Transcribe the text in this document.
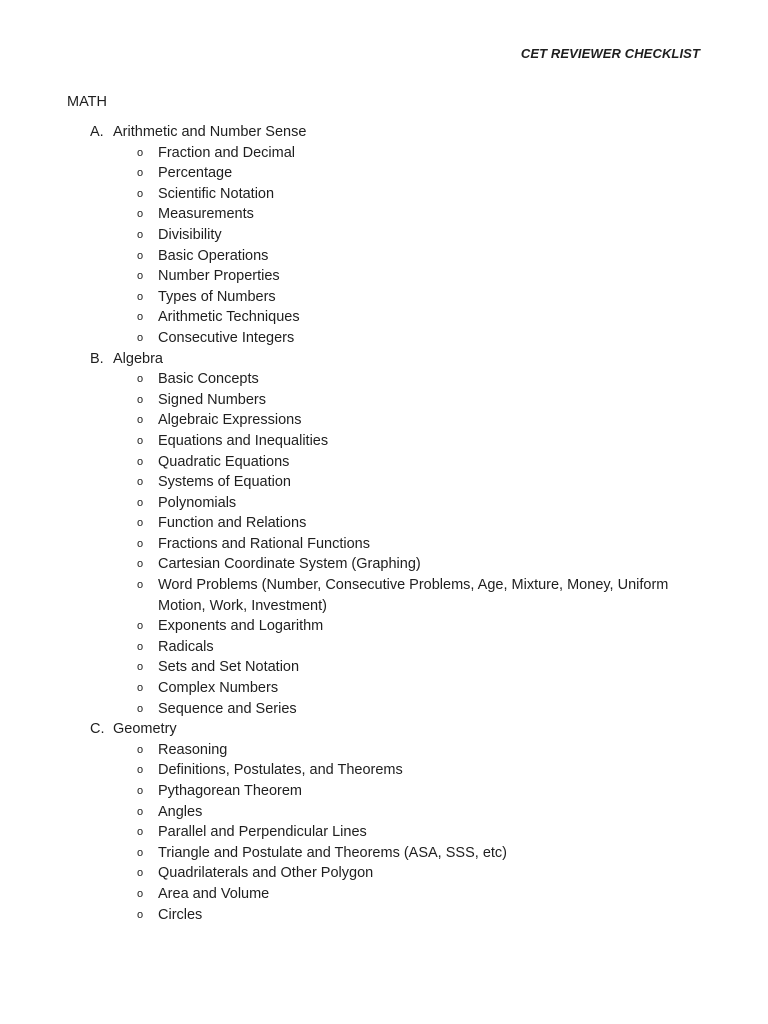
CET REVIEWER CHECKLIST
MATH
A. Arithmetic and Number Sense
o Fraction and Decimal
o Percentage
o Scientific Notation
o Measurements
o Divisibility
o Basic Operations
o Number Properties
o Types of Numbers
o Arithmetic Techniques
o Consecutive Integers
B. Algebra
o Basic Concepts
o Signed Numbers
o Algebraic Expressions
o Equations and Inequalities
o Quadratic Equations
o Systems of Equation
o Polynomials
o Function and Relations
o Fractions and Rational Functions
o Cartesian Coordinate System (Graphing)
o Word Problems (Number, Consecutive Problems, Age, Mixture, Money, Uniform Motion, Work, Investment)
o Exponents and Logarithm
o Radicals
o Sets and Set Notation
o Complex Numbers
o Sequence and Series
C. Geometry
o Reasoning
o Definitions, Postulates, and Theorems
o Pythagorean Theorem
o Angles
o Parallel and Perpendicular Lines
o Triangle and Postulate and Theorems (ASA, SSS, etc)
o Quadrilaterals and Other Polygon
o Area and Volume
o Circles
